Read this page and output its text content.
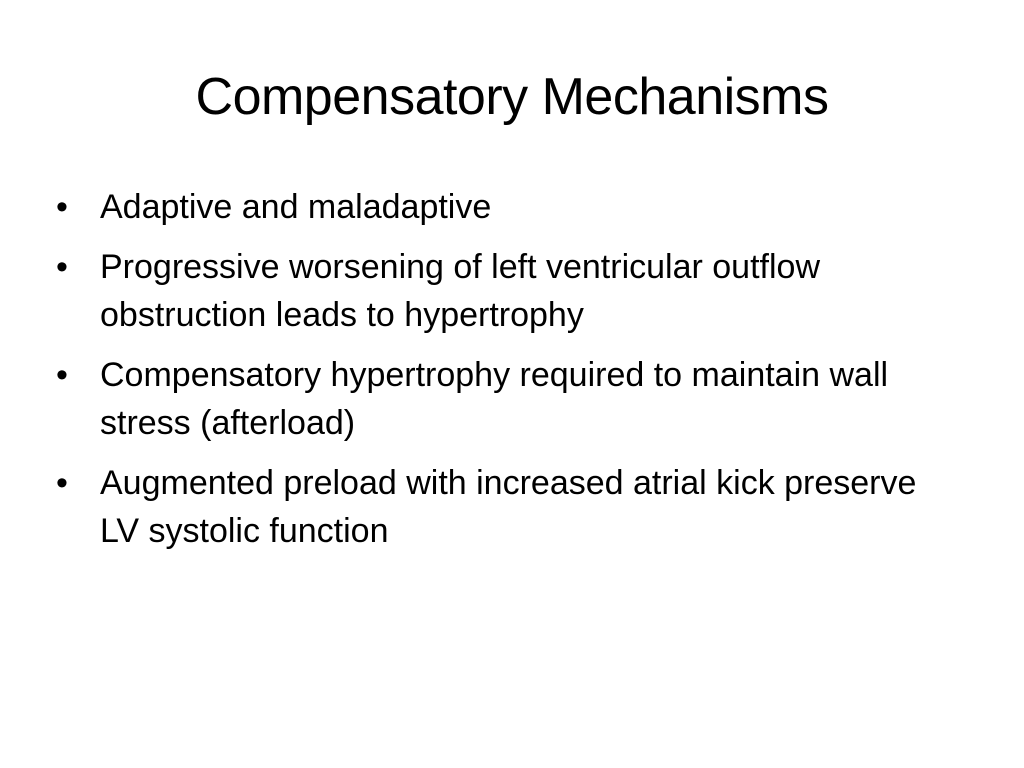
Compensatory Mechanisms
• Adaptive and maladaptive
• Progressive worsening of left ventricular outflow obstruction leads to hypertrophy
• Compensatory hypertrophy required to maintain wall stress (afterload)
• Augmented preload with increased atrial kick preserve LV systolic function
